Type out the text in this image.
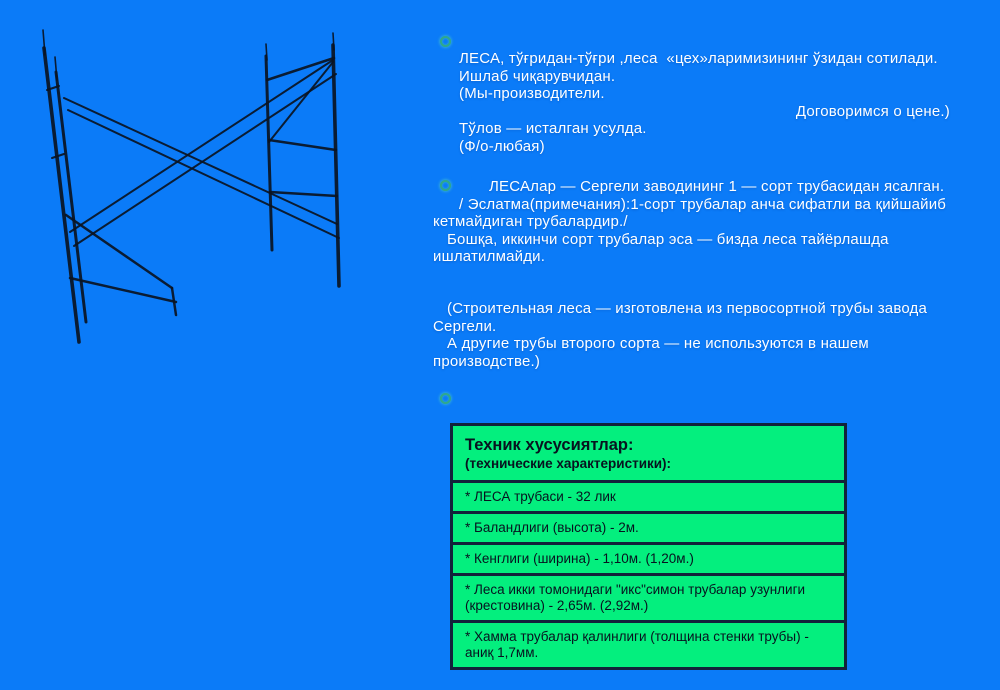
ЛЕСА, тўғридан-тўғри ,леса  «цех»ларимизининг ўзидан сотилади.
Ишлаб чиқарувчидан.
(Мы-производители.
Договоримся о цене.)
Тўлов — исталган усулда.
(Ф/о-любая)
ЛЕСАлар — Сергели заводининг 1 — сорт трубасидан ясалган.
/ Эслатма(примечания):1-сорт трубалар анча сифатли ва қийшайиб
кетмайдиган трубалардир./
Бошқа, иккинчи сорт трубалар эса — бизда леса тайёрлашда
ишлатилмайди.
(Строительная леса — изготовлена из первосортной трубы завода
Сергели.
А другие трубы второго сорта — не используются в нашем
производстве.)
Техник хусусиятлар:
(технические характеристики):
* ЛЕСА трубаси - 32 лик
* Баландлиги (высота) - 2м.
* Кенглиги (ширина) - 1,10м. (1,20м.)
* Леса икки томонидаги "икс"симон трубалар узунлиги (крестовина) - 2,65м. (2,92м.)
* Хамма трубалар қалинлиги (толщина стенки трубы) - аниқ 1,7мм.
